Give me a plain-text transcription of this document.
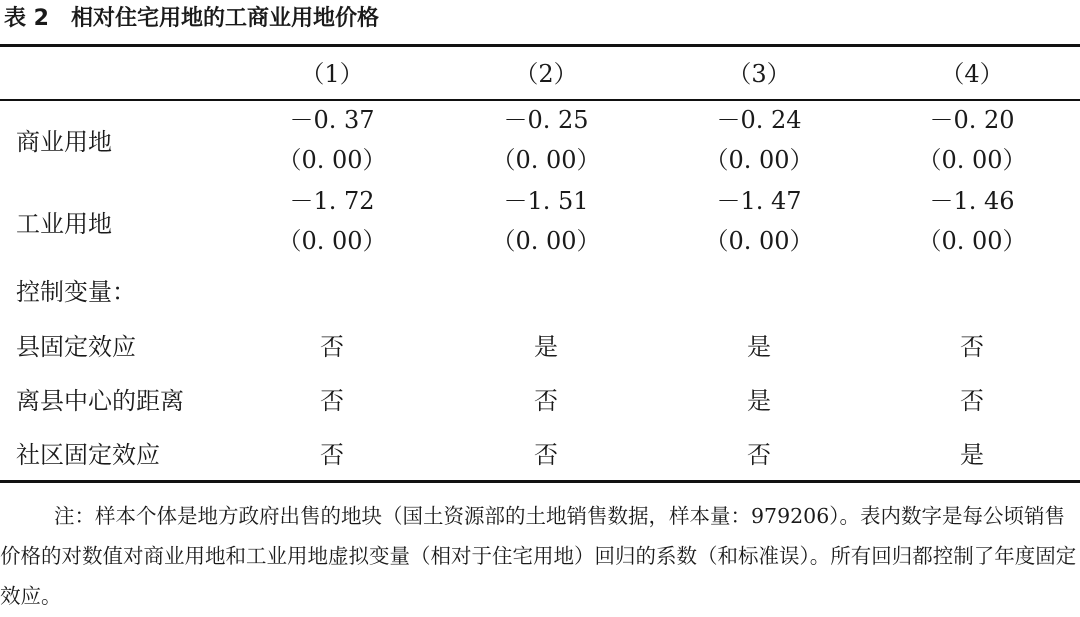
表 2 相对住宅用地的工商业用地价格
（1）	（2）	（3）	（4）
商业用地
－0. 37	－0. 25	－0. 24	－0. 20
（0. 00）	（0. 00）	（0. 00）	（0. 00）
工业用地
－1. 72	－1. 51	－1. 47	－1. 46
（0. 00）	（0. 00）	（0. 00）	（0. 00）
控制变量：
县固定效应	否	是	是	否
离县中心的距离	否	否	是	否
社区固定效应	否	否	否	是
注：样本个体是地方政府出售的地块（国土资源部的土地销售数据，样本量：979206）。表内数字是每公顷销售价格的对数值对商业用地和工业用地虚拟变量（相对于住宅用地）回归的系数（和标准误）。所有回归都控制了年度固定效应。
